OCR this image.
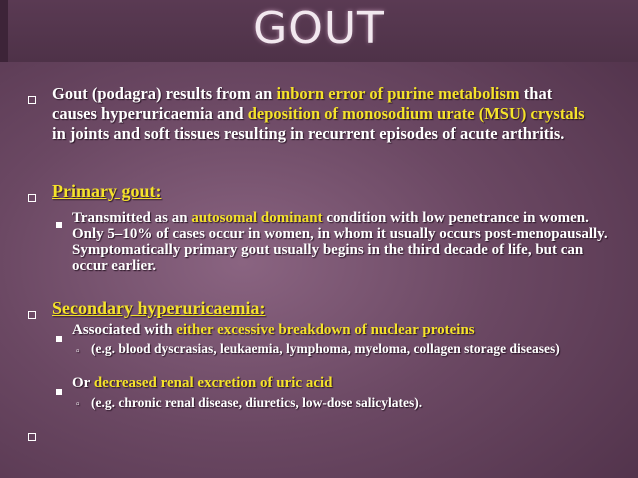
GOUT
Gout (podagra) results from an inborn error of purine metabolism that causes hyperuricaemia and deposition of monosodium urate (MSU) crystals in joints and soft tissues resulting in recurrent episodes of acute arthritis.
Primary gout:
Transmitted as an autosomal dominant condition with low penetrance in women. Only 5–10% of cases occur in women, in whom it usually occurs post-menopausally. Symptomatically primary gout usually begins in the third decade of life, but can occur earlier.
Secondary hyperuricaemia:
Associated with either excessive breakdown of nuclear proteins
▫ (e.g. blood dyscrasias, leukaemia, lymphoma, myeloma, collagen storage diseases)
Or decreased renal excretion of uric acid
▫ (e.g. chronic renal disease, diuretics, low-dose salicylates).
